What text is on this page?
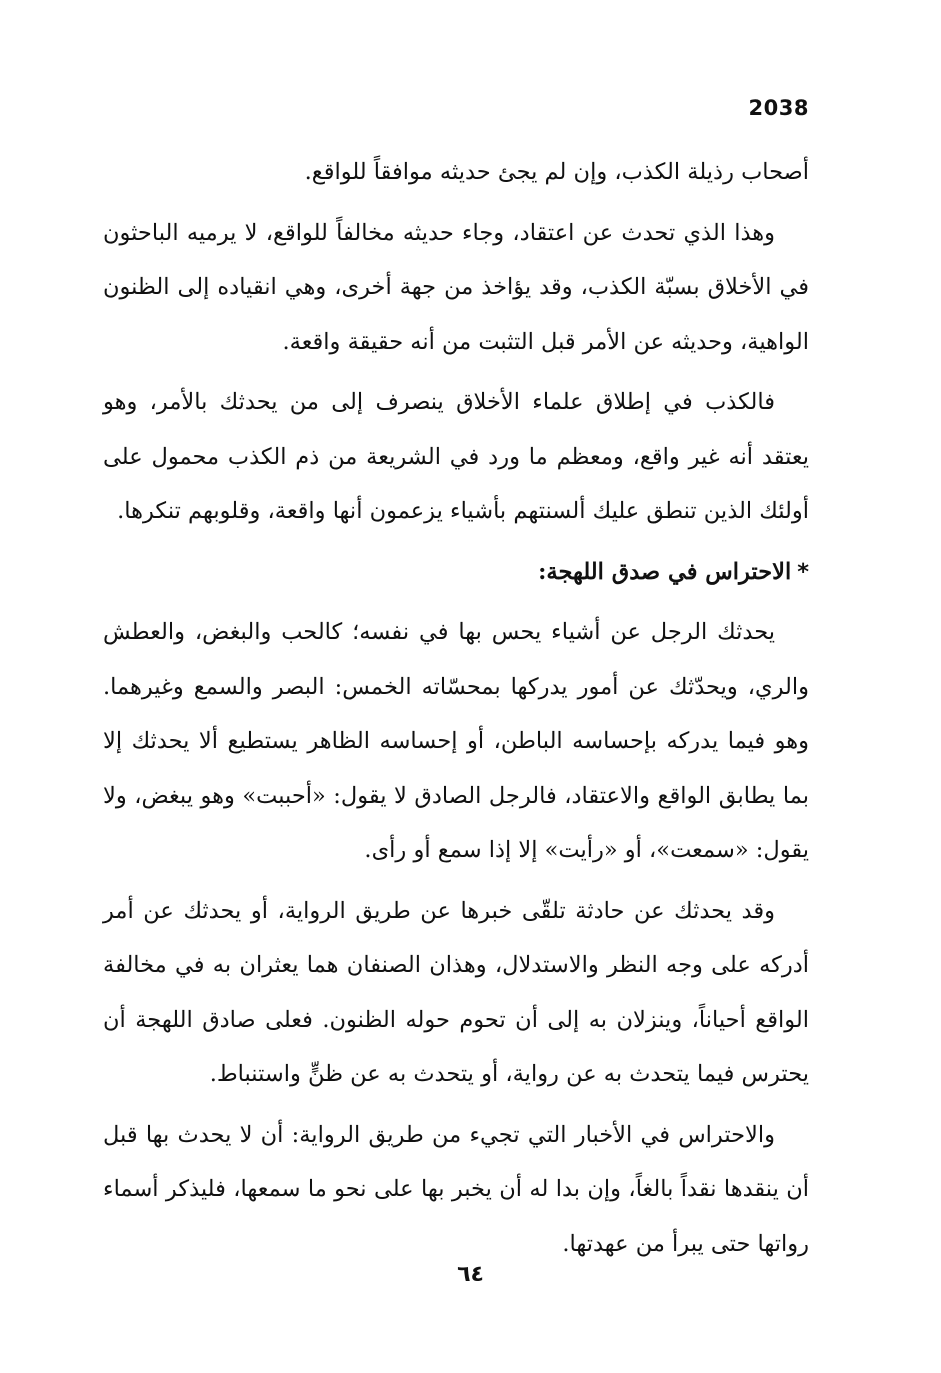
2038

أصحاب رذيلة الكذب، وإن لم يجئ حديثه موافقاً للواقع.

وهذا الذي تحدث عن اعتقاد، وجاء حديثه مخالفاً للواقع، لا يرميه الباحثون في الأخلاق بسبّة الكذب، وقد يؤاخذ من جهة أخرى، وهي انقياده إلى الظنون الواهية، وحديثه عن الأمر قبل التثبت من أنه حقيقة واقعة.

فالكذب في إطلاق علماء الأخلاق ينصرف إلى من يحدثك بالأمر، وهو يعتقد أنه غير واقع، ومعظم ما ورد في الشريعة من ذم الكذب محمول على أولئك الذين تنطق عليك ألسنتهم بأشياء يزعمون أنها واقعة، وقلوبهم تنكرها.

*الاحتراس في صدق اللهجة:

يحدثك الرجل عن أشياء يحس بها في نفسه؛ كالحب والبغض، والعطش والري، ويحدّثك عن أمور يدركها بمحسّاته الخمس: البصر والسمع وغيرهما. وهو فيما يدركه بإحساسه الباطن، أو إحساسه الظاهر يستطيع ألا يحدثك إلا بما يطابق الواقع والاعتقاد، فالرجل الصادق لا يقول: «أحببت» وهو يبغض، ولا يقول: «سمعت»، أو «رأيت» إلا إذا سمع أو رأى.

وقد يحدثك عن حادثة تلقّى خبرها عن طريق الرواية، أو يحدثك عن أمر أدركه على وجه النظر والاستدلال، وهذان الصنفان هما يعثران به في مخالفة الواقع أحياناً، وينزلان به إلى أن تحوم حوله الظنون. فعلى صادق اللهجة أن يحترس فيما يتحدث به عن رواية، أو يتحدث به عن ظنٍّ واستنباط.

والاحتراس في الأخبار التي تجيء من طريق الرواية: أن لا يحدث بها قبل أن ينقدها نقداً بالغاً، وإن بدا له أن يخبر بها على نحو ما سمعها، فليذكر أسماء رواتها حتى يبرأ من عهدتها.

٦٤
